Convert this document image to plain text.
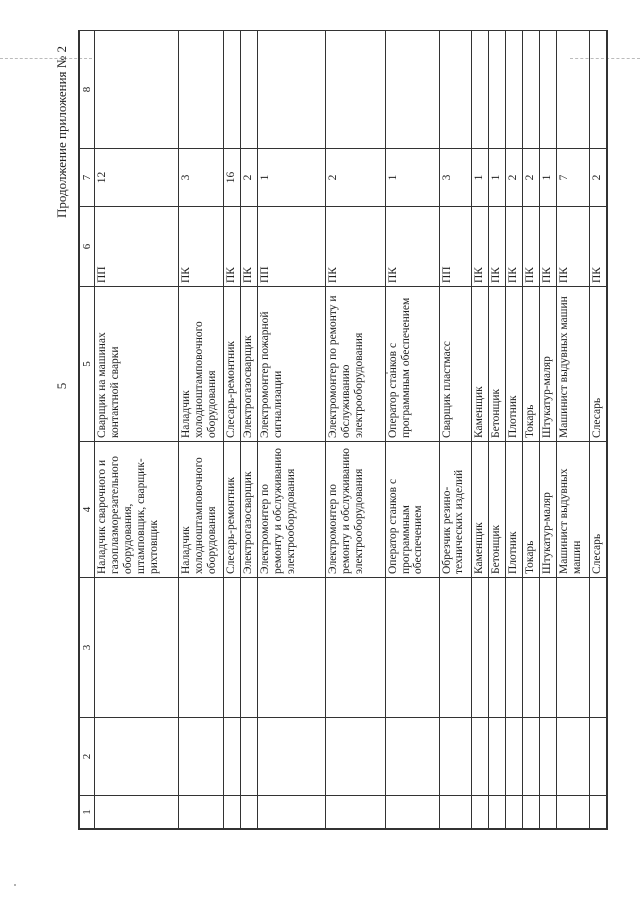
5
Продолжение приложения № 2
1	2	3	4	5	6	7	8
			Наладчик сварочного и газоплазморезательного оборудования, штамповщик, сварщик-рихтовщик	Сварщик на машинах контактной сварки	ПП	12	
			Наладчик холодноштамповочного оборудования	Наладчик холодноштамповочного оборудования	ПК	3	
			Слесарь-ремонтник	Слесарь-ремонтник	ПК	16	
			Электрогазосварщик	Электрогазосварщик	ПК	2	
			Электромонтер по ремонту и обслуживанию электрооборудования	Электромонтер пожарной сигнализации	ПП	1	
			Электромонтер по ремонту и обслуживанию электрооборудования	Электромонтер по ремонту и обслуживанию электрооборудования	ПК	2	
			Оператор станков с программным обеспечением	Оператор станков с программным обеспечением	ПК	1	
			Обрезчик резино-технических изделий	Сварщик пластмасс	ПП	3	
			Каменщик	Каменщик	ПК	1	
			Бетонщик	Бетонщик	ПК	1	
			Плотник	Плотник	ПК	2	
			Токарь	Токарь	ПК	2	
			Штукатур-маляр	Штукатур-маляр	ПК	1	
			Машинист выдувных машин	Машинист выдувных машин	ПК	7	
			Слесарь	Слесарь	ПК	2	
